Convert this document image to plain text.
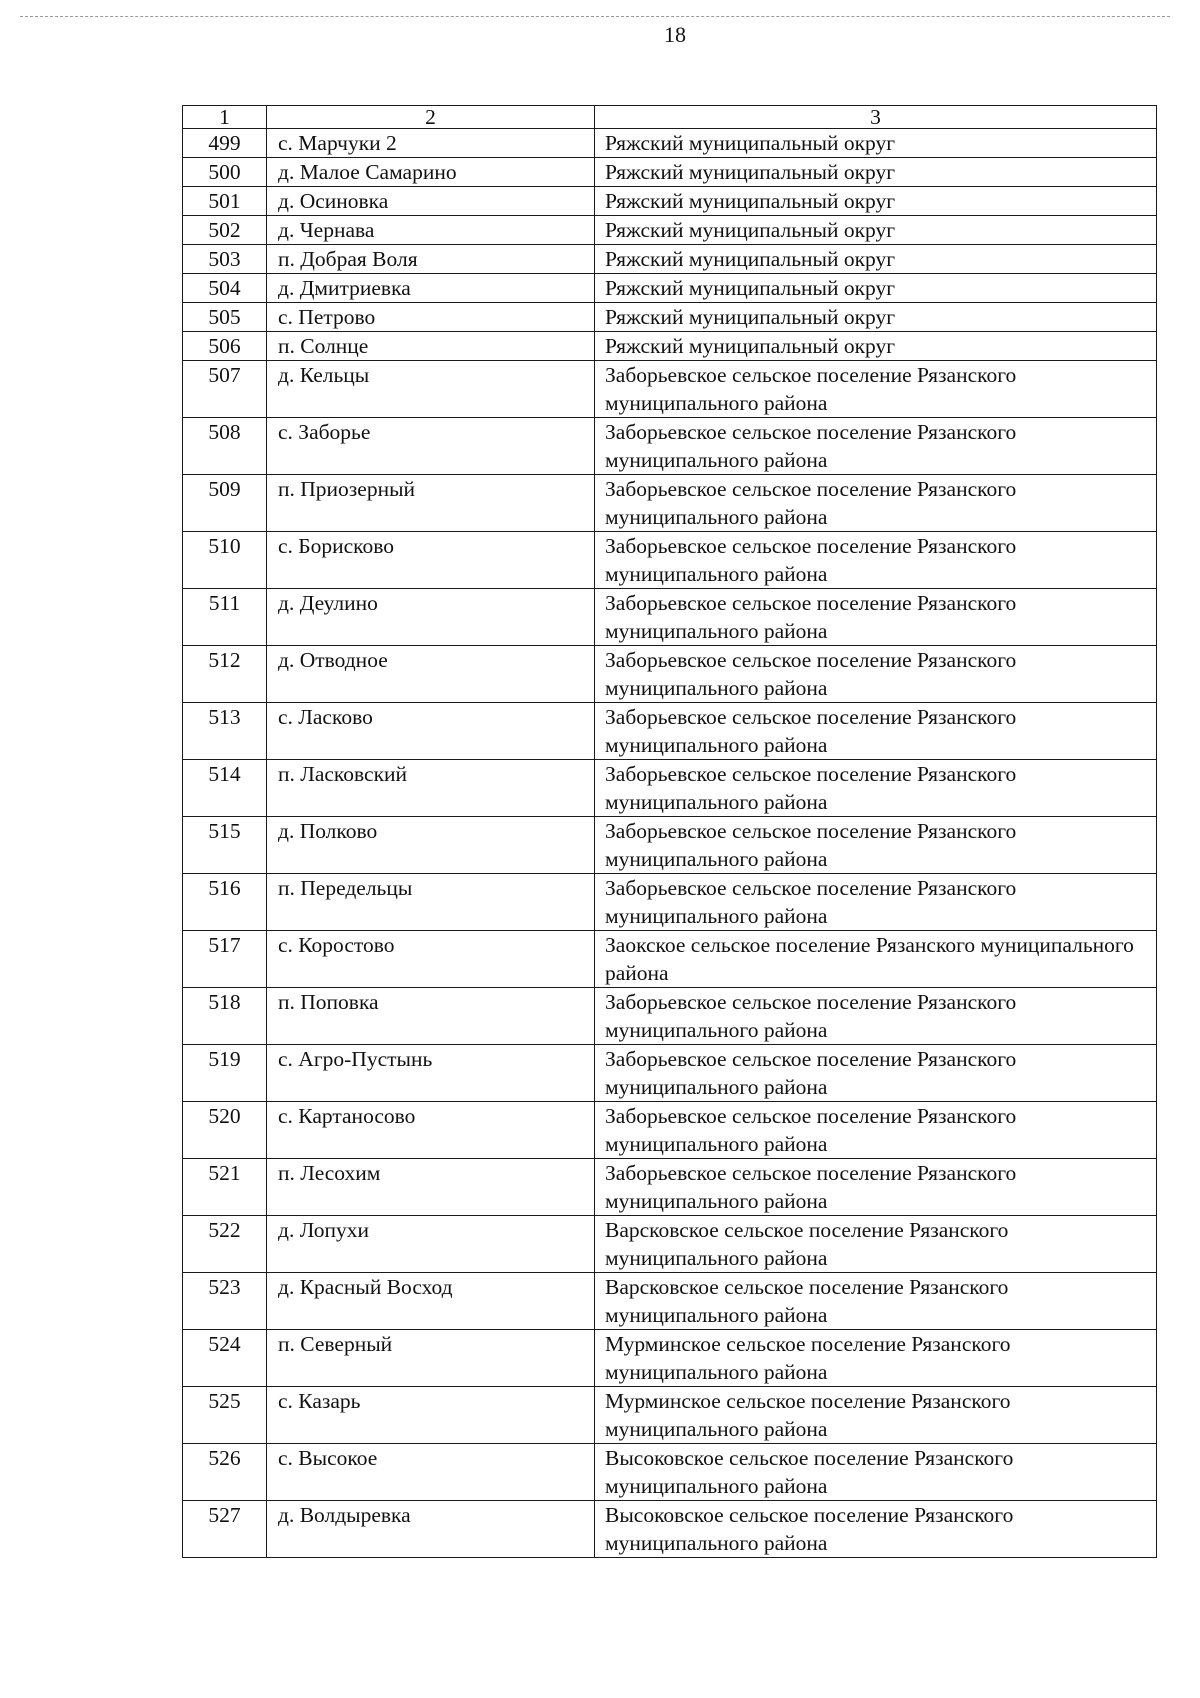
18
1	2	3
499	с. Марчуки 2	Ряжский муниципальный округ
500	д. Малое Самарино	Ряжский муниципальный округ
501	д. Осиновка	Ряжский муниципальный округ
502	д. Чернава	Ряжский муниципальный округ
503	п. Добрая Воля	Ряжский муниципальный округ
504	д. Дмитриевка	Ряжский муниципальный округ
505	с. Петрово	Ряжский муниципальный округ
506	п. Солнце	Ряжский муниципальный округ
507	д. Кельцы	Заборьевское сельское поселение Рязанского муниципального района
508	с. Заборье	Заборьевское сельское поселение Рязанского муниципального района
509	п. Приозерный	Заборьевское сельское поселение Рязанского муниципального района
510	с. Борисково	Заборьевское сельское поселение Рязанского муниципального района
511	д. Деулино	Заборьевское сельское поселение Рязанского муниципального района
512	д. Отводное	Заборьевское сельское поселение Рязанского муниципального района
513	с. Ласково	Заборьевское сельское поселение Рязанского муниципального района
514	п. Ласковский	Заборьевское сельское поселение Рязанского муниципального района
515	д. Полково	Заборьевское сельское поселение Рязанского муниципального района
516	п. Передельцы	Заборьевское сельское поселение Рязанского муниципального района
517	с. Коростово	Заокское сельское поселение Рязанского муниципального района
518	п. Поповка	Заборьевское сельское поселение Рязанского муниципального района
519	с. Агро-Пустынь	Заборьевское сельское поселение Рязанского муниципального района
520	с. Картаносово	Заборьевское сельское поселение Рязанского муниципального района
521	п. Лесохим	Заборьевское сельское поселение Рязанского муниципального района
522	д. Лопухи	Варсковское сельское поселение Рязанского муниципального района
523	д. Красный Восход	Варсковское сельское поселение Рязанского муниципального района
524	п. Северный	Мурминское сельское поселение Рязанского муниципального района
525	с. Казарь	Мурминское сельское поселение Рязанского муниципального района
526	с. Высокое	Высоковское сельское поселение Рязанского муниципального района
527	д. Волдыревка	Высоковское сельское поселение Рязанского муниципального района
